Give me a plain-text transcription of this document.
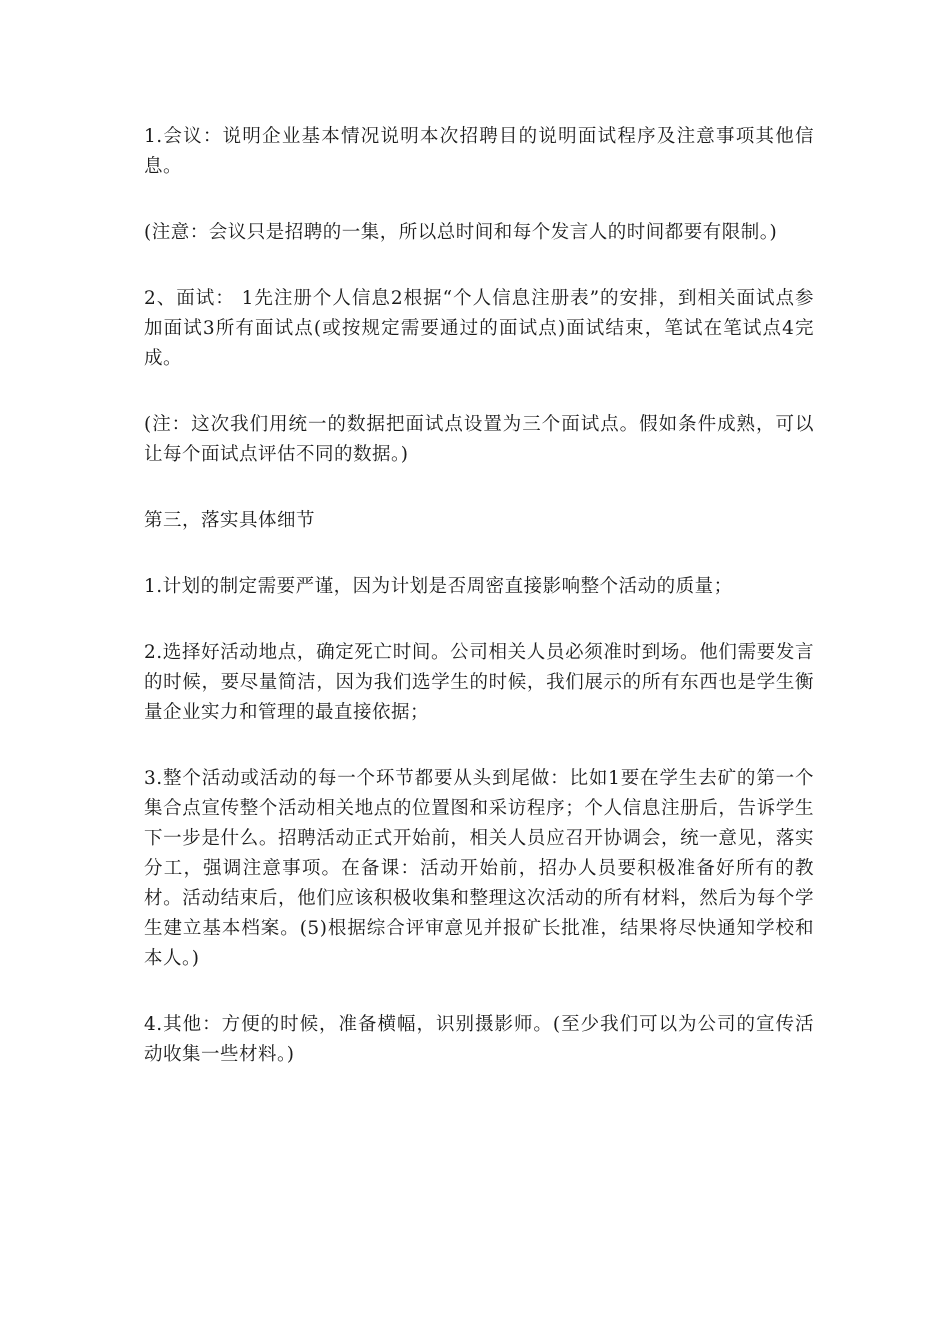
1.会议：说明企业基本情况说明本次招聘目的说明面试程序及注意事项其他信息。

(注意：会议只是招聘的一集，所以总时间和每个发言人的时间都要有限制。)

2、面试： 1先注册个人信息2根据“个人信息注册表”的安排，到相关面试点参加面试3所有面试点(或按规定需要通过的面试点)面试结束，笔试在笔试点4完成。

(注：这次我们用统一的数据把面试点设置为三个面试点。假如条件成熟，可以让每个面试点评估不同的数据。)

第三，落实具体细节

1.计划的制定需要严谨，因为计划是否周密直接影响整个活动的质量；

2.选择好活动地点，确定死亡时间。公司相关人员必须准时到场。他们需要发言的时候，要尽量简洁，因为我们选学生的时候，我们展示的所有东西也是学生衡量企业实力和管理的最直接依据；

3.整个活动或活动的每一个环节都要从头到尾做：比如1要在学生去矿的第一个集合点宣传整个活动相关地点的位置图和采访程序；个人信息注册后，告诉学生下一步是什么。招聘活动正式开始前，相关人员应召开协调会，统一意见，落实分工，强调注意事项。在备课：活动开始前，招办人员要积极准备好所有的教材。活动结束后，他们应该积极收集和整理这次活动的所有材料，然后为每个学生建立基本档案。(5)根据综合评审意见并报矿长批准，结果将尽快通知学校和本人。)

4.其他：方便的时候，准备横幅，识别摄影师。(至少我们可以为公司的宣传活动收集一些材料。)
